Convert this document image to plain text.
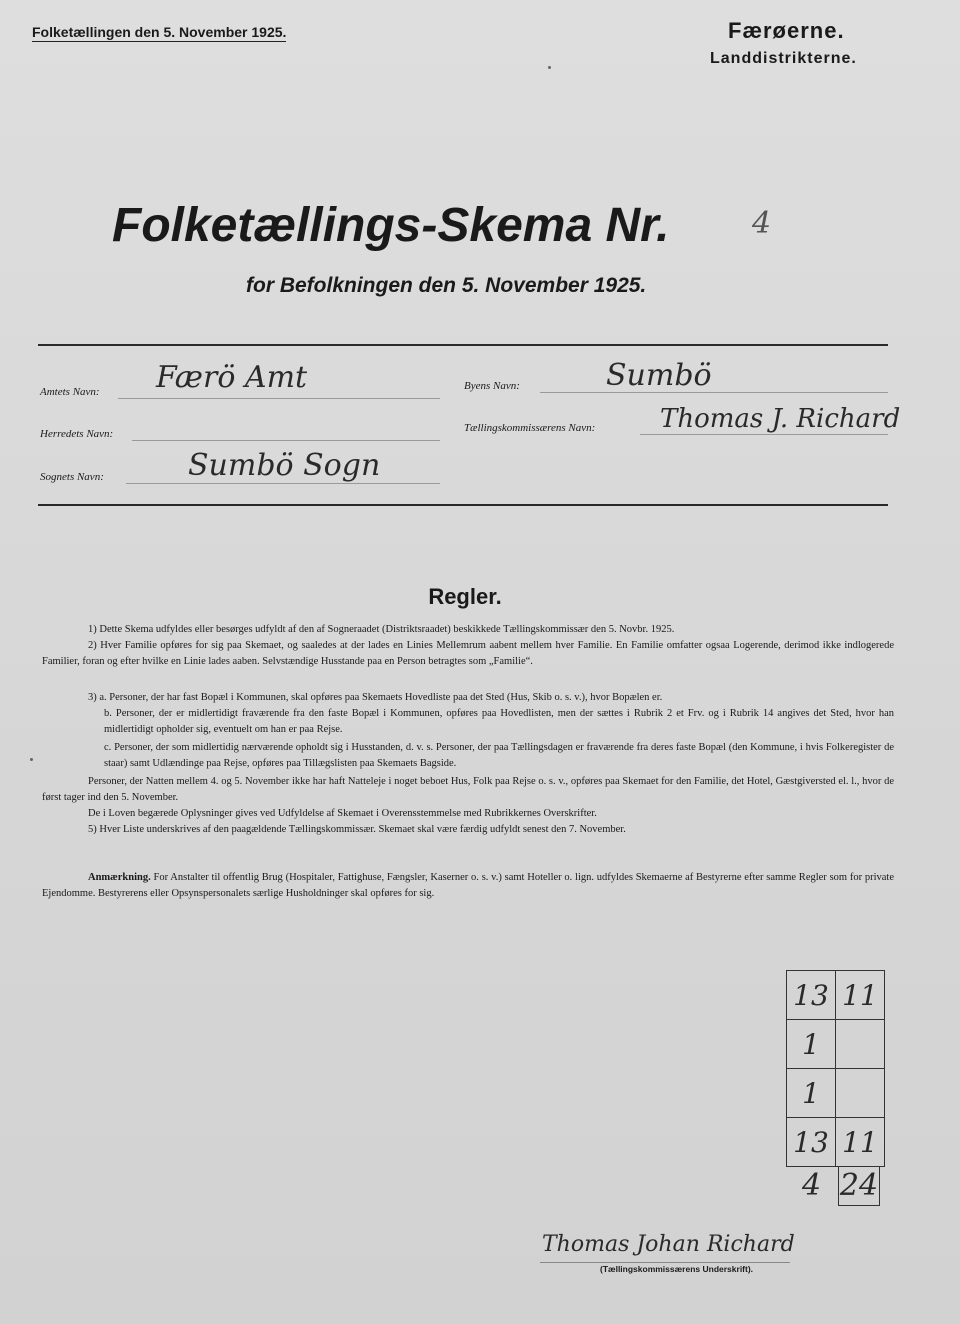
Folketællingen den 5. November 1925.	Færøerne.
Landdistrikterne.
Folketællings-Skema Nr.	4
for Befolkningen den 5. November 1925.
Amtets Navn: Færö Amt
Herredets Navn:
Sognets Navn:	Sumbö Sogn
Byens Navn:	Sumbö
Tællingskommissærens Navn: Thomas J. Richard
Regler.
1) Dette Skema udfyldes eller besørges udfyldt af den af Sogneraadet (Distriktsraadet) beskikkede Tællingskommissær den 5. Novbr. 1925.
2) Hver Familie opføres for sig paa Skemaet, og saaledes at der lades en Linies Mellemrum aabent mellem hver Familie. En Familie omfatter ogsaa Logerende, derimod ikke indlogerede Familier, foran og efter hvilke en Linie lades aaben. Selvstændige Husstande paa en Person betragtes som „Familie“.
3) a. Personer, der har fast Bopæl i Kommunen, skal opføres paa Skemaets Hovedliste paa det Sted (Hus, Skib o. s. v.), hvor Bopælen er.
b. Personer, der er midlertidigt fraværende fra den faste Bopæl i Kommunen, opføres paa Hovedlisten, men der sættes i Rubrik 2 et Frv. og i Rubrik 14 angives det Sted, hvor han midlertidigt opholder sig, eventuelt om han er paa Rejse.
c. Personer, der som midlertidig nærværende opholdt sig i Husstanden, d. v. s. Personer, der paa Tællingsdagen er fraværende fra deres faste Bopæl (den Kommune, i hvis Folkeregister de staar) samt Udlændinge paa Rejse, opføres paa Tillægslisten paa Skemaets Bagside.
Personer, der Natten mellem 4. og 5. November ikke har haft Natteleje i noget beboet Hus, Folk paa Rejse o. s. v., opføres paa Skemaet for den Familie, det Hotel, Gæstgiversted el. l., hvor de først tager ind den 5. November.
De i Loven begærede Oplysninger gives ved Udfyldelse af Skemaet i Overensstemmelse med Rubrikkernes Overskrifter.
5) Hver Liste underskrives af den paagældende Tællingskommissær. Skemaet skal være færdig udfyldt senest den 7. November.
Anmærkning. For Anstalter til offentlig Brug (Hospitaler, Fattighuse, Fængsler, Kaserner o. s. v.) samt Hoteller o. lign. udfyldes Skemaerne af Bestyrerne efter samme Regler som for private Ejendomme. Bestyrerens eller Opsynspersonalets særlige Husholdninger skal opføres for sig.
13	11
1	
1	
13	11
4 24
Thomas Johan Richard
(Tællingskommissærens Underskrift).
